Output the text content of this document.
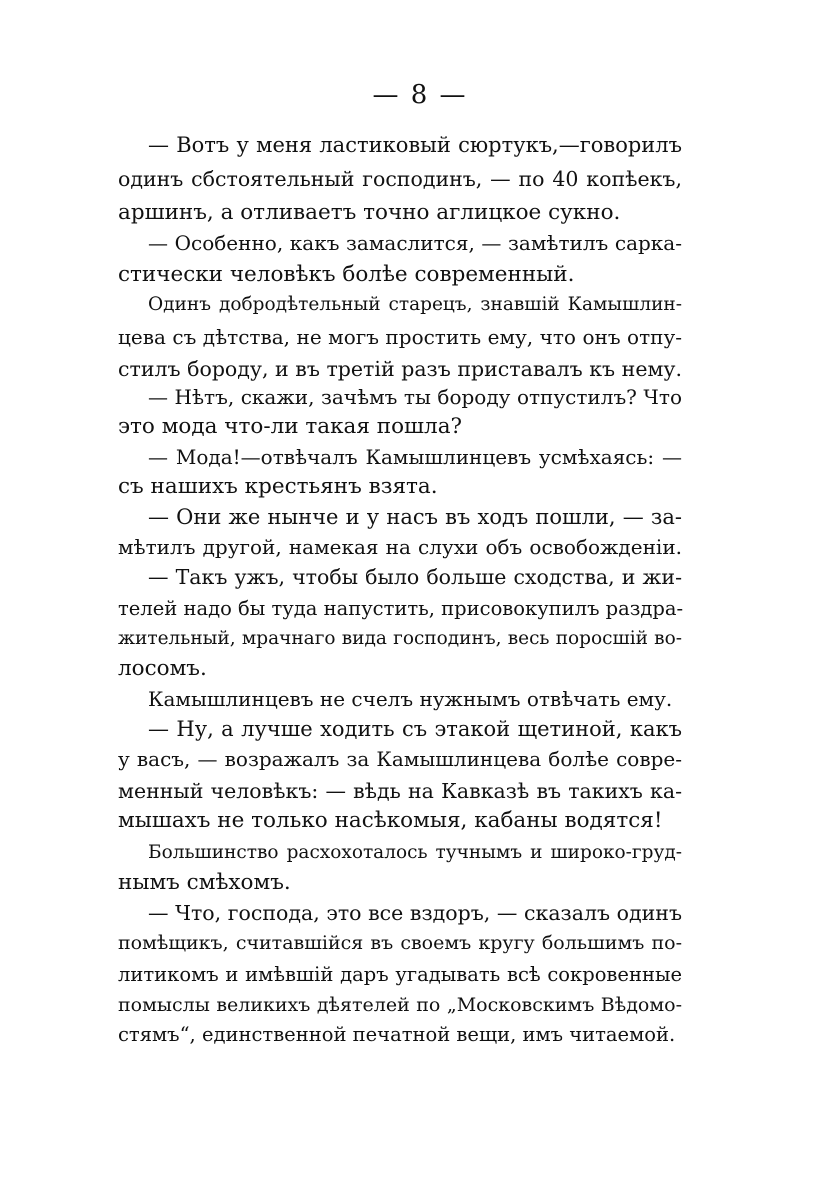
— 8 —
— Вотъ у меня ластиковый сюртукъ,—говорилъ
одинъ сбстоятельный господинъ, — по 40 копѣекъ,
аршинъ, а отливаетъ точно аглицкое сукно.
— Особенно, какъ замаслится, — замѣтилъ сарка-
стически человѣкъ болѣе современный.
Одинъ добродѣтельный старецъ, знавшій Камышлин-
цева съ дѣтства, не могъ простить ему, что онъ отпу-
стилъ бороду, и въ третій разъ приставалъ къ нему.
— Нѣтъ, скажи, зачѣмъ ты бороду отпустилъ? Что
это мода что-ли такая пошла?
— Мода!—отвѣчалъ Камышлинцевъ усмѣхаясь: —
съ нашихъ крестьянъ взята.
— Они же нынче и у насъ въ ходъ пошли, — за-
мѣтилъ другой, намекая на слухи объ освобожденіи.
— Такъ ужъ, чтобы было больше сходства, и жи-
телей надо бы туда напустить, присовокупилъ раздра-
жительный, мрачнаго вида господинъ, весь поросшій во-
лосомъ.
Камышлинцевъ не счелъ нужнымъ отвѣчать ему.
— Ну, а лучше ходить съ этакой щетиной, какъ
у васъ, — возражалъ за Камышлинцева болѣе совре-
менный человѣкъ: — вѣдь на Кавказѣ въ такихъ ка-
мышахъ не только насѣкомыя, кабаны водятся!
Большинство расхохоталось тучнымъ и широко-груд-
нымъ смѣхомъ.
— Что, господа, это все вздоръ, — сказалъ одинъ
помѣщикъ, считавшійся въ своемъ кругу большимъ по-
литикомъ и имѣвшій даръ угадывать всѣ сокровенные
помыслы великихъ дѣятелей по „Московскимъ Вѣдомо-
стямъ“, единственной печатной вещи, имъ читаемой.
